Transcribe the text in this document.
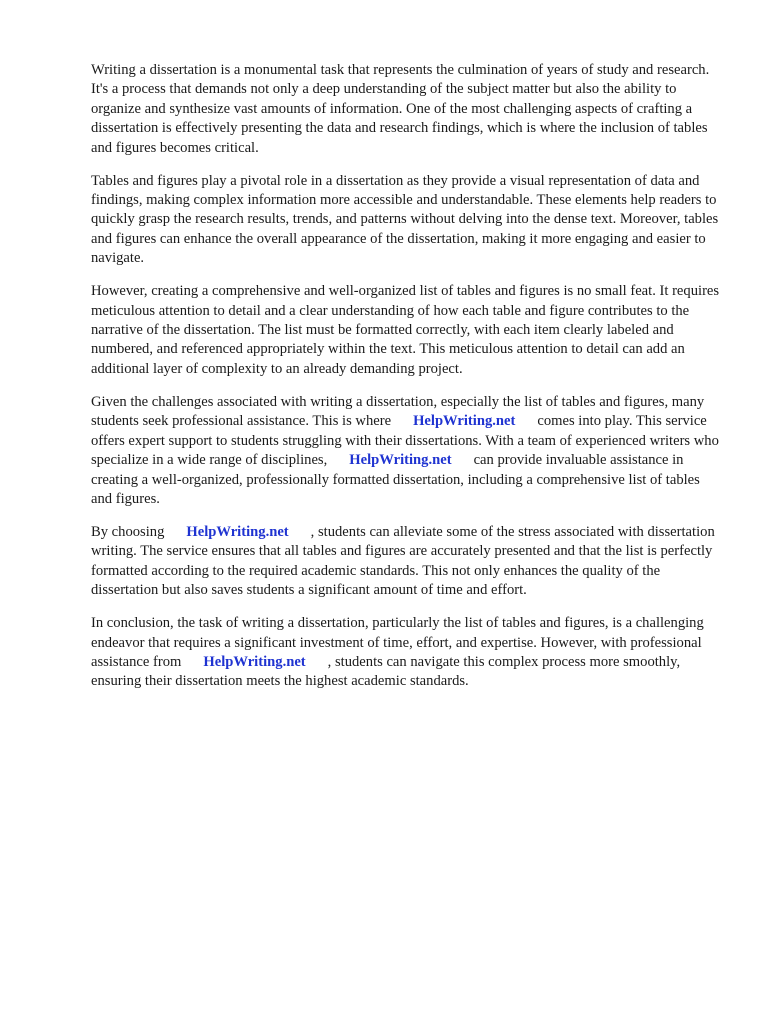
Writing a dissertation is a monumental task that represents the culmination of years of study and research. It's a process that demands not only a deep understanding of the subject matter but also the ability to organize and synthesize vast amounts of information. One of the most challenging aspects of crafting a dissertation is effectively presenting the data and research findings, which is where the inclusion of tables and figures becomes critical.

Tables and figures play a pivotal role in a dissertation as they provide a visual representation of data and findings, making complex information more accessible and understandable. These elements help readers to quickly grasp the research results, trends, and patterns without delving into the dense text. Moreover, tables and figures can enhance the overall appearance of the dissertation, making it more engaging and easier to navigate.

However, creating a comprehensive and well-organized list of tables and figures is no small feat. It requires meticulous attention to detail and a clear understanding of how each table and figure contributes to the narrative of the dissertation. The list must be formatted correctly, with each item clearly labeled and numbered, and referenced appropriately within the text. This meticulous attention to detail can add an additional layer of complexity to an already demanding project.

Given the challenges associated with writing a dissertation, especially the list of tables and figures, many students seek professional assistance. This is where HelpWriting.net comes into play. This service offers expert support to students struggling with their dissertations. With a team of experienced writers who specialize in a wide range of disciplines, HelpWriting.net can provide invaluable assistance in creating a well-organized, professionally formatted dissertation, including a comprehensive list of tables and figures.

By choosing HelpWriting.net , students can alleviate some of the stress associated with dissertation writing. The service ensures that all tables and figures are accurately presented and that the list is perfectly formatted according to the required academic standards. This not only enhances the quality of the dissertation but also saves students a significant amount of time and effort.

In conclusion, the task of writing a dissertation, particularly the list of tables and figures, is a challenging endeavor that requires a significant investment of time, effort, and expertise. However, with professional assistance from HelpWriting.net , students can navigate this complex process more smoothly, ensuring their dissertation meets the highest academic standards.
